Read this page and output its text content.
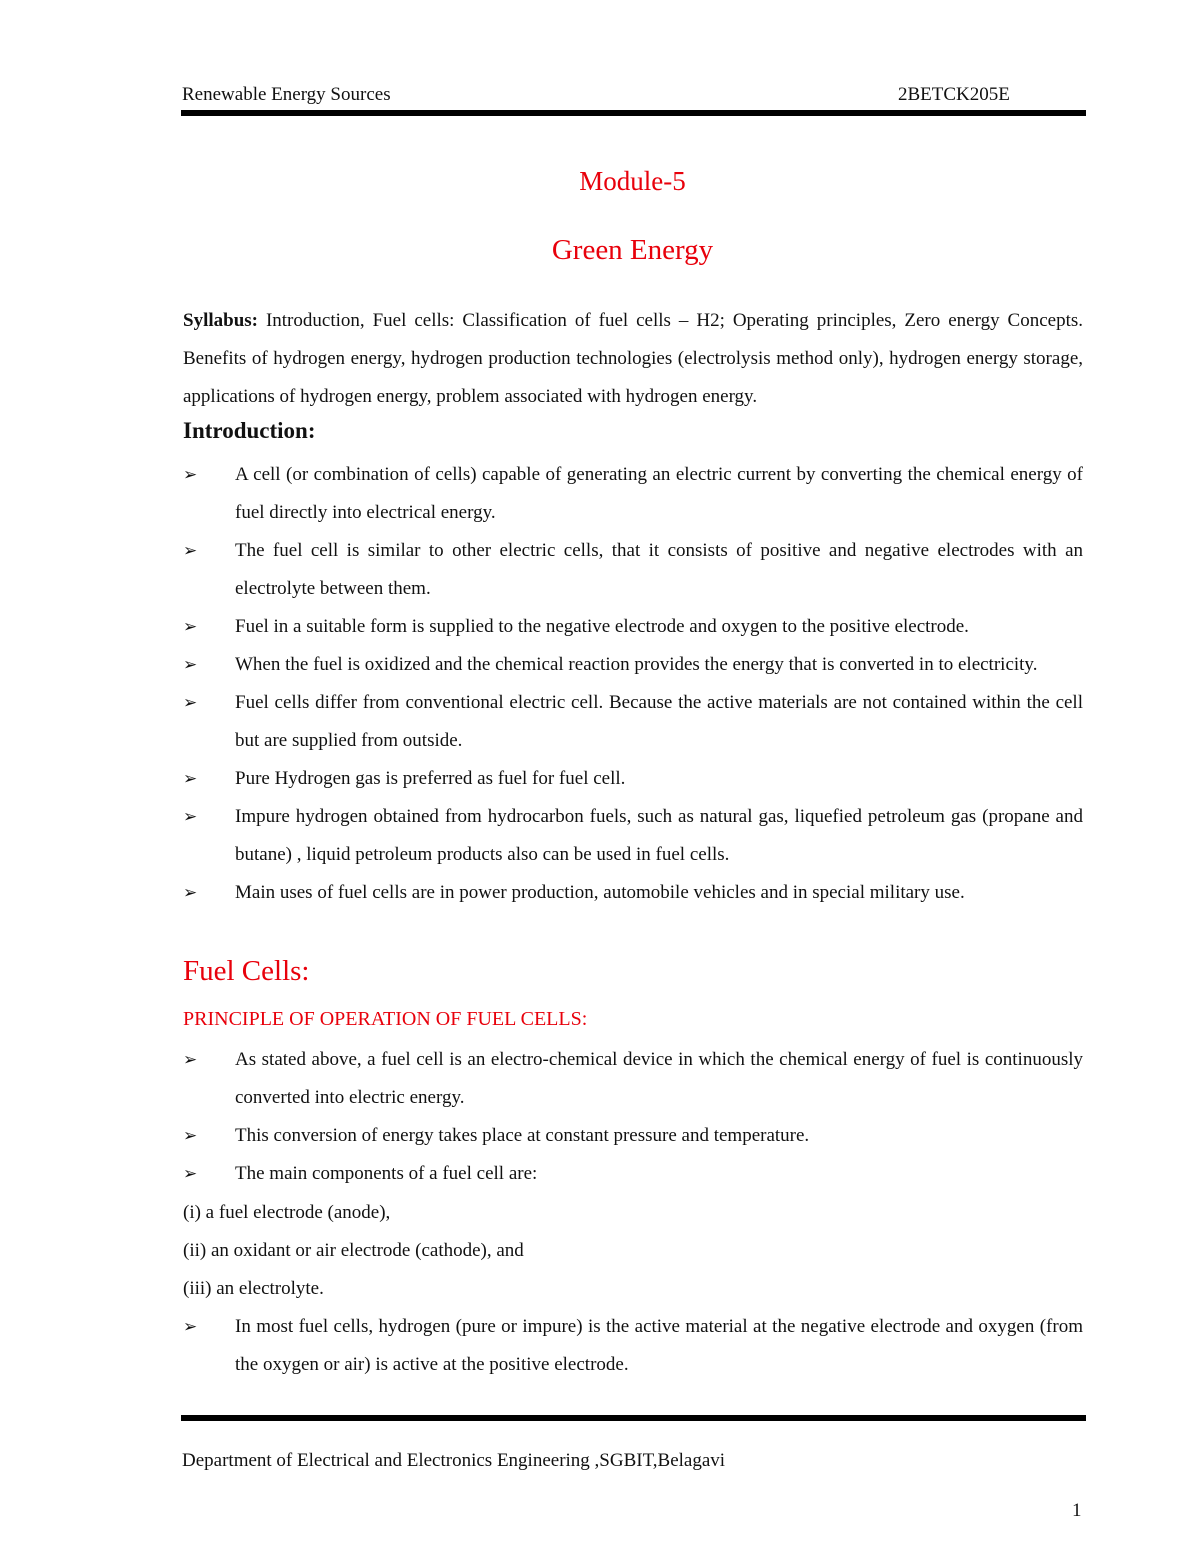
Renewable Energy Sources	2BETCK205E
Module-5
Green Energy
Syllabus: Introduction, Fuel cells: Classification of fuel cells – H2; Operating principles, Zero energy Concepts. Benefits of hydrogen energy, hydrogen production technologies (electrolysis method only), hydrogen energy storage, applications of hydrogen energy, problem associated with hydrogen energy.
Introduction:
➢ A cell (or combination of cells) capable of generating an electric current by converting the chemical energy of fuel directly into electrical energy.
➢ The fuel cell is similar to other electric cells, that it consists of positive and negative electrodes with an electrolyte between them.
➢ Fuel in a suitable form is supplied to the negative electrode and oxygen to the positive electrode.
➢ When the fuel is oxidized and the chemical reaction provides the energy that is converted in to electricity.
➢ Fuel cells differ from conventional electric cell. Because the active materials are not contained within the cell but are supplied from outside.
➢ Pure Hydrogen gas is preferred as fuel for fuel cell.
➢ Impure hydrogen obtained from hydrocarbon fuels, such as natural gas, liquefied petroleum gas (propane and butane) , liquid petroleum products also can be used in fuel cells.
➢ Main uses of fuel cells are in power production, automobile vehicles and in special military use.
Fuel Cells:
PRINCIPLE OF OPERATION OF FUEL CELLS:
➢ As stated above, a fuel cell is an electro-chemical device in which the chemical energy of fuel is continuously converted into electric energy.
➢ This conversion of energy takes place at constant pressure and temperature.
➢ The main components of a fuel cell are:
(i) a fuel electrode (anode),
(ii) an oxidant or air electrode (cathode), and
(iii) an electrolyte.
➢ In most fuel cells, hydrogen (pure or impure) is the active material at the negative electrode and oxygen (from the oxygen or air) is active at the positive electrode.
Department of Electrical and Electronics Engineering ,SGBIT,Belagavi
1
